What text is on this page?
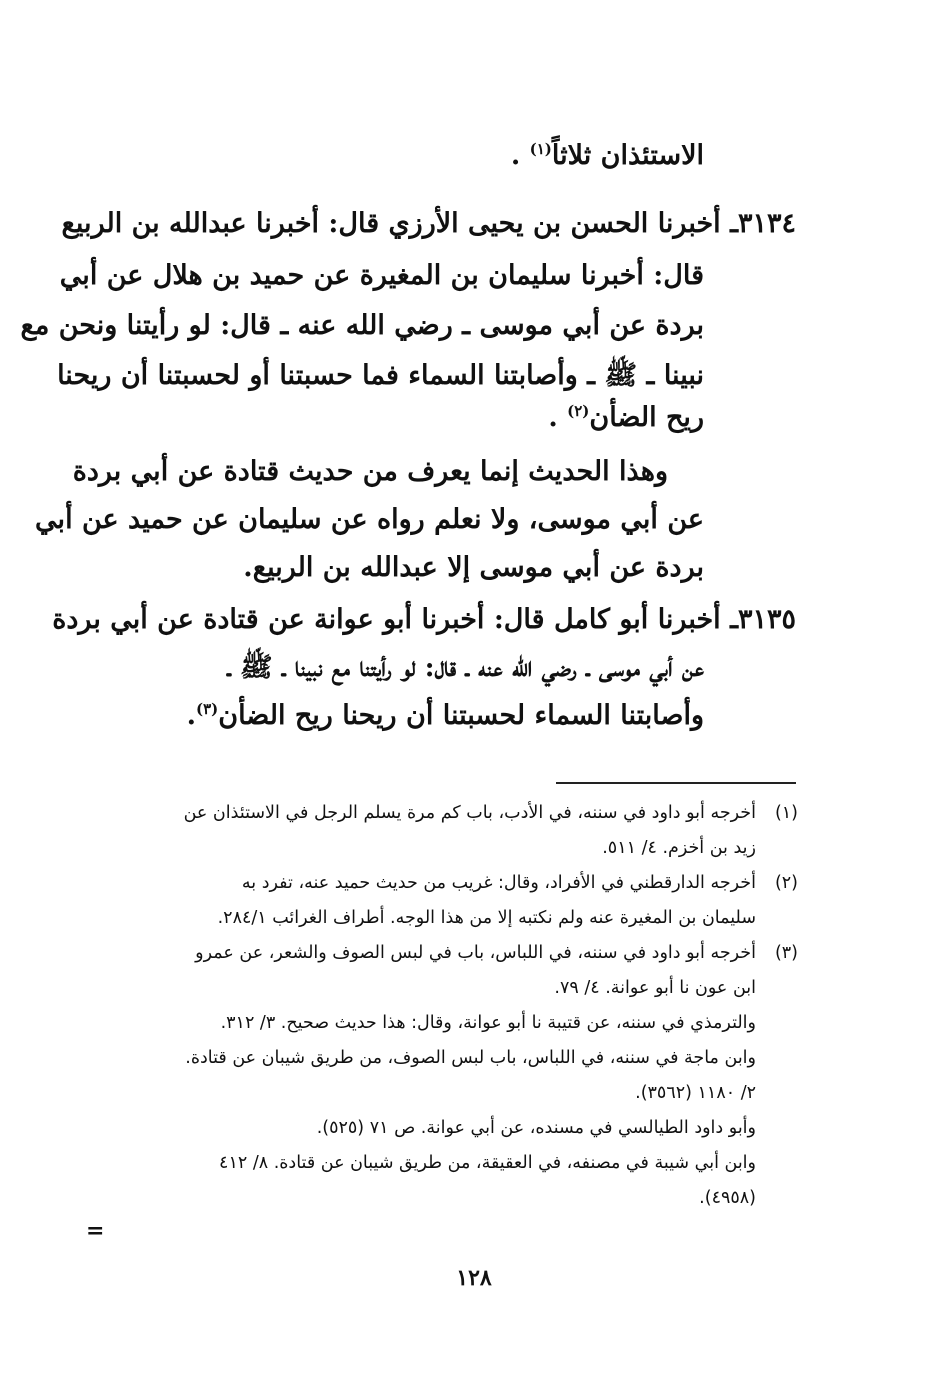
الاستئذان ثلاثاً$^{(١)}$ .
٣١٣٤ـ أخبرنا الحسن بن يحيى الأرزي قال: أخبرنا عبدالله بن الربيع
قال: أخبرنا سليمان بن المغيرة عن حميد بن هلال عن أبي
بردة عن أبي موسى ـ رضي الله عنه ـ قال: لو رأيتنا ونحن مع
نبينا ـ ﷺ ـ وأصابتنا السماء فما حسبتنا أو لحسبتنا أن ريحنا
ريح الضأن$^{(٢)}$ .
وهذا الحديث إنما يعرف من حديث قتادة عن أبي بردة
عن أبي موسى، ولا نعلم رواه عن سليمان عن حميد عن أبي
بردة عن أبي موسى إلا عبدالله بن الربيع.
٣١٣٥ـ أخبرنا أبو كامل قال: أخبرنا أبو عوانة عن قتادة عن أبي بردة
عن أبي موسى ـ رضي الله عنه ـ قال: لو رأيتنا مع نبينا ـ ﷺ ـ
وأصابتنا السماء لحسبتنا أن ريحنا ريح الضأن$^{(٣)}$.
(١)أخرجه أبو داود في سننه، في الأدب، باب كم مرة يسلم الرجل في الاستئذان عن
زيد بن أخزم. ٤/ ٥١١.
(٢)أخرجه الدارقطني في الأفراد، وقال: غريب من حديث حميد عنه، تفرد به
سليمان بن المغيرة عنه ولم نكتبه إلا من هذا الوجه. أطراف الغرائب ٢٨٤/١.
(٣)أخرجه أبو داود في سننه، في اللباس، باب في لبس الصوف والشعر، عن عمرو
ابن عون نا أبو عوانة. ٤/ ٧٩.
والترمذي في سننه، عن قتيبة نا أبو عوانة، وقال: هذا حديث صحيح. ٣/ ٣١٢.
وابن ماجة في سننه، في اللباس، باب لبس الصوف، من طريق شيبان عن قتادة.
٢/ ١١٨٠ (٣٥٦٢).
وأبو داود الطيالسي في مسنده، عن أبي عوانة. ص ٧١ (٥٢٥).
وابن أبي شيبة في مصنفه، في العقيقة، من طريق شيبان عن قتادة. ٨/ ٤١٢
(٤٩٥٨).
=
١٢٨
